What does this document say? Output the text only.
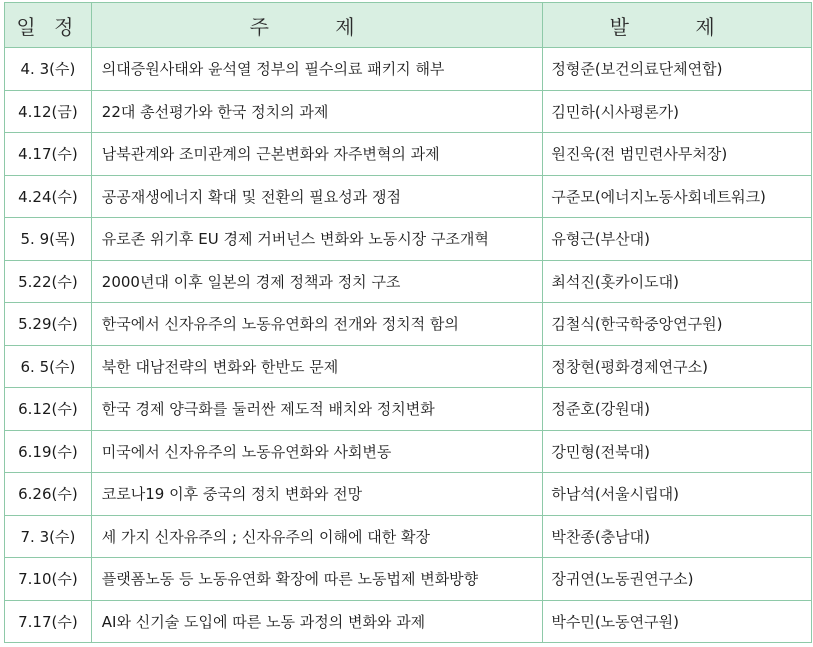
일 정	주 제	발 제
4. 3(수)	의대증원사태와 윤석열 정부의 필수의료 패키지 해부	정형준(보건의료단체연합)
4.12(금)	22대 총선평가와 한국 정치의 과제	김민하(시사평론가)
4.17(수)	남북관계와 조미관계의 근본변화와 자주변혁의 과제	원진욱(전 범민련사무처장)
4.24(수)	공공재생에너지 확대 및 전환의 필요성과 쟁점	구준모(에너지노동사회네트워크)
5. 9(목)	유로존 위기후 EU 경제 거버넌스 변화와 노동시장 구조개혁	유형근(부산대)
5.22(수)	2000년대 이후 일본의 경제 정책과 정치 구조	최석진(홋카이도대)
5.29(수)	한국에서 신자유주의 노동유연화의 전개와 정치적 함의	김철식(한국학중앙연구원)
6. 5(수)	북한 대남전략의 변화와 한반도 문제	정창현(평화경제연구소)
6.12(수)	한국 경제 양극화를 둘러싼 제도적 배치와 정치변화	정준호(강원대)
6.19(수)	미국에서 신자유주의 노동유연화와 사회변동	강민형(전북대)
6.26(수)	코로나19 이후 중국의 정치 변화와 전망	하남석(서울시립대)
7. 3(수)	세 가지 신자유주의 ; 신자유주의 이해에 대한 확장	박찬종(충남대)
7.10(수)	플랫폼노동 등 노동유연화 확장에 따른 노동법제 변화방향	장귀연(노동권연구소)
7.17(수)	AI와 신기술 도입에 따른 노동 과정의 변화와 과제	박수민(노동연구원)
